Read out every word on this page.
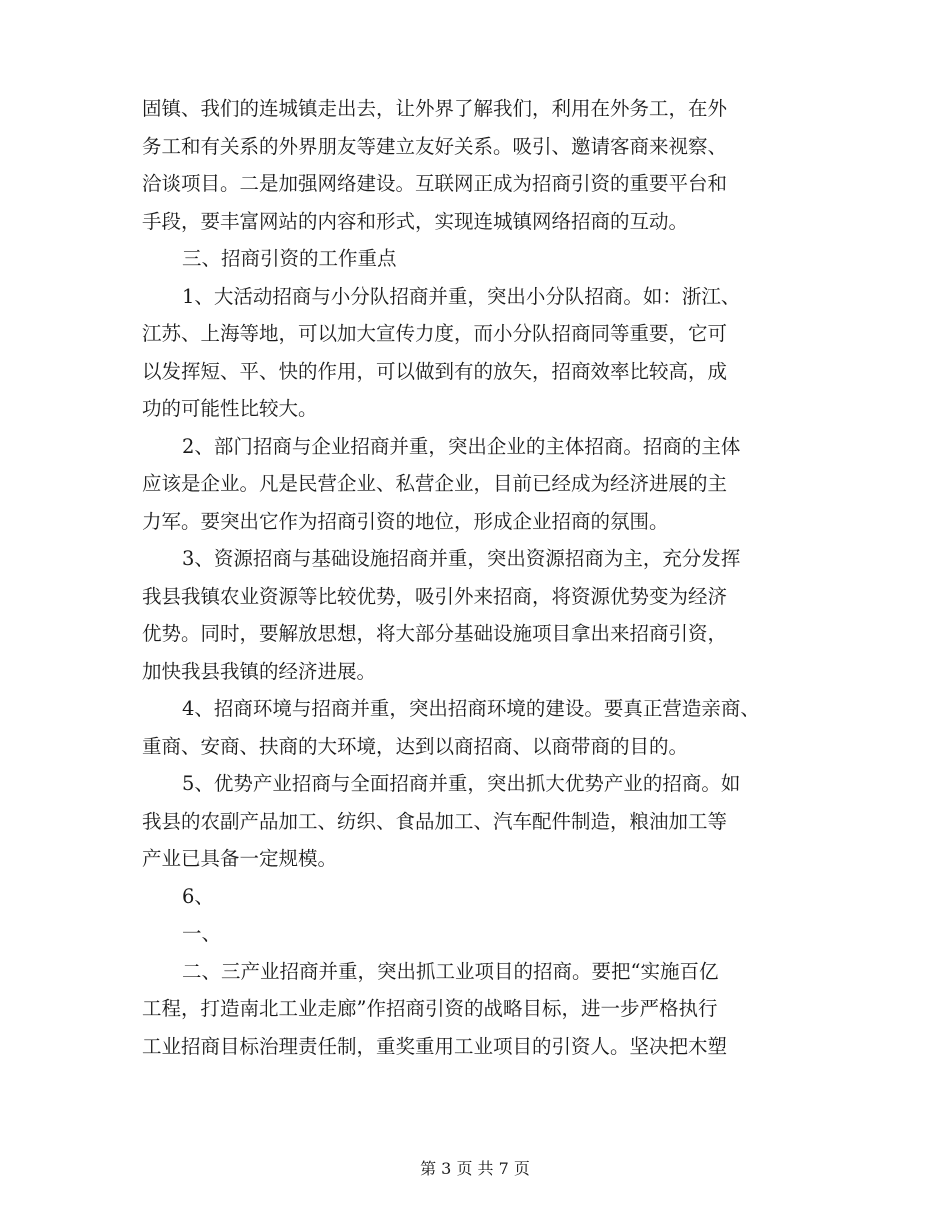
固镇、我们的连城镇走出去，让外界了解我们，利用在外务工，在外
务工和有关系的外界朋友等建立友好关系。吸引、邀请客商来视察、
洽谈项目。二是加强网络建设。互联网正成为招商引资的重要平台和
手段，要丰富网站的内容和形式，实现连城镇网络招商的互动。
三、招商引资的工作重点
1、大活动招商与小分队招商并重，突出小分队招商。如：浙江、
江苏、上海等地，可以加大宣传力度，而小分队招商同等重要，它可
以发挥短、平、快的作用，可以做到有的放矢，招商效率比较高，成
功的可能性比较大。
2、部门招商与企业招商并重，突出企业的主体招商。招商的主体
应该是企业。凡是民营企业、私营企业，目前已经成为经济进展的主
力军。要突出它作为招商引资的地位，形成企业招商的氛围。
3、资源招商与基础设施招商并重，突出资源招商为主，充分发挥
我县我镇农业资源等比较优势，吸引外来招商，将资源优势变为经济
优势。同时，要解放思想，将大部分基础设施项目拿出来招商引资，
加快我县我镇的经济进展。
4、招商环境与招商并重，突出招商环境的建设。要真正营造亲商、
重商、安商、扶商的大环境，达到以商招商、以商带商的目的。
5、优势产业招商与全面招商并重，突出抓大优势产业的招商。如
我县的农副产品加工、纺织、食品加工、汽车配件制造，粮油加工等
产业已具备一定规模。
6、
一、
二、三产业招商并重，突出抓工业项目的招商。要把“实施百亿
工程，打造南北工业走廊”作招商引资的战略目标，进一步严格执行
工业招商目标治理责任制，重奖重用工业项目的引资人。坚决把木塑
第 3 页 共 7 页
